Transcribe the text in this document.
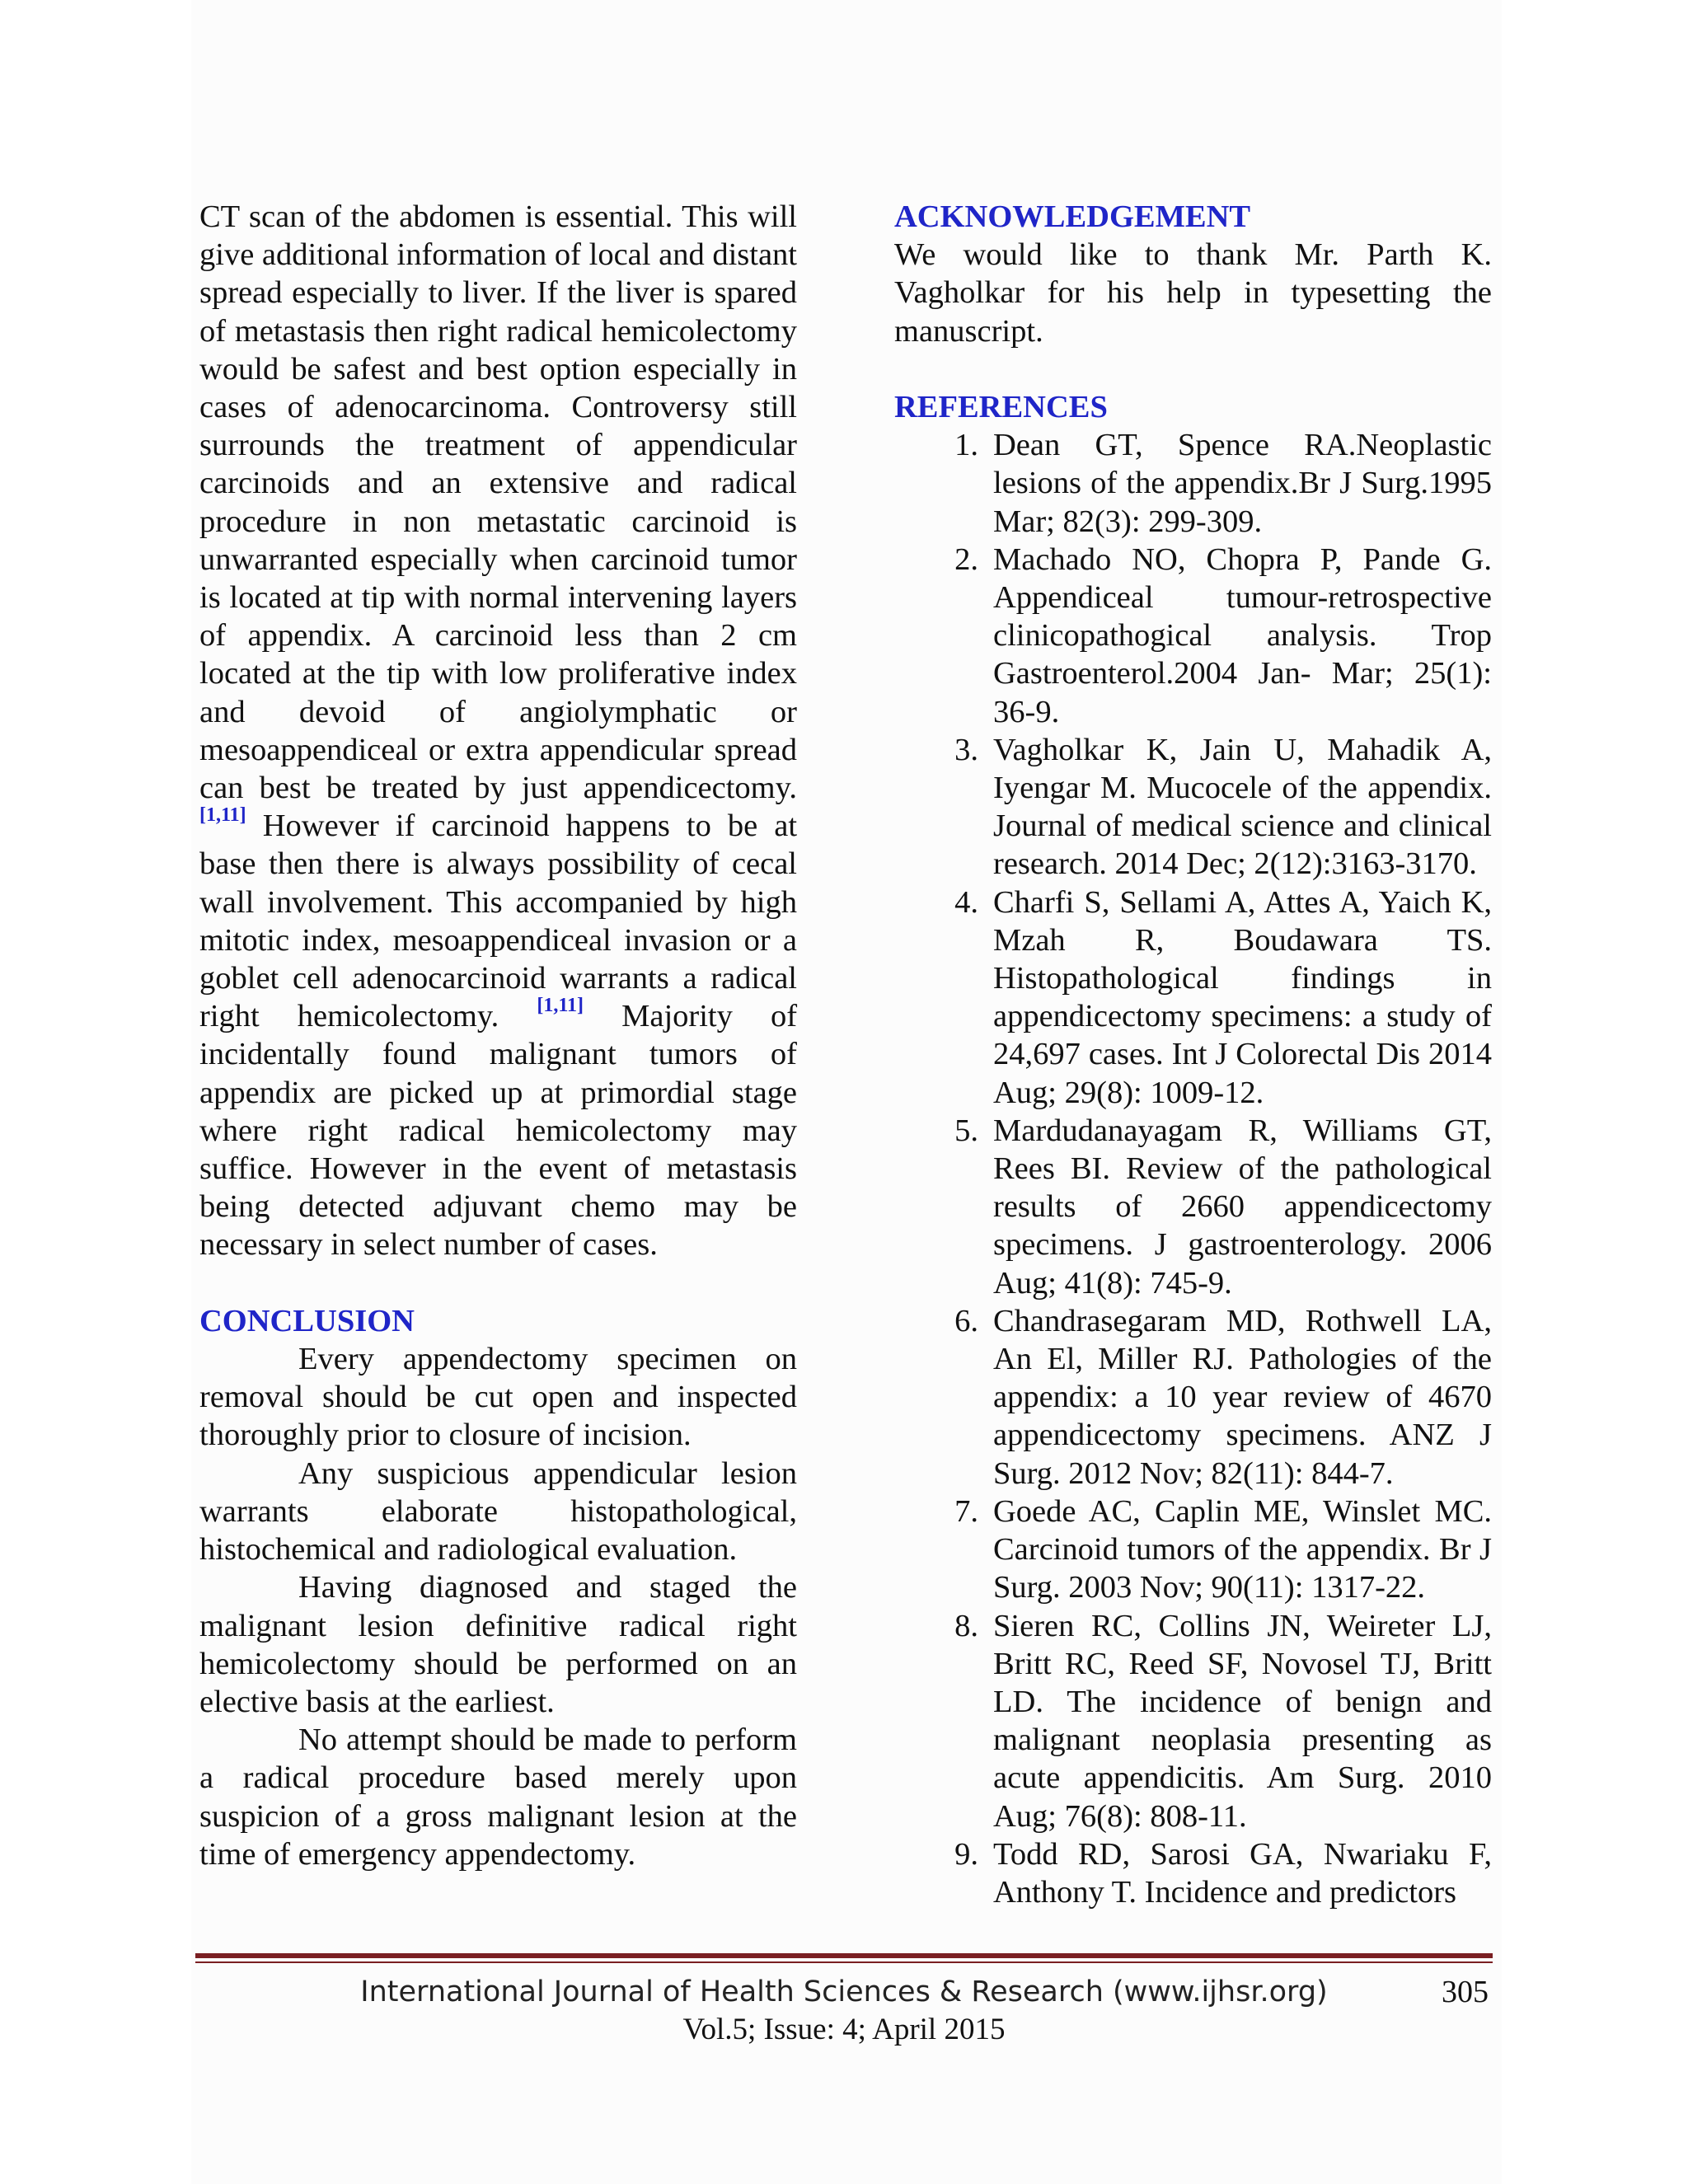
CT scan of the abdomen is essential. This will give additional information of local and distant spread especially to liver. If the liver is spared of metastasis then right radical hemicolectomy would be safest and best option especially in cases of adenocarcinoma. Controversy still surrounds the treatment of appendicular carcinoids and an extensive and radical procedure in non metastatic carcinoid is unwarranted especially when carcinoid tumor is located at tip with normal intervening layers of appendix. A carcinoid less than 2 cm located at the tip with low proliferative index and devoid of angiolymphatic or mesoappendiceal or extra appendicular spread can best be treated by just appendicectomy. [1,11] However if carcinoid happens to be at base then there is always possibility of cecal wall involvement. This accompanied by high mitotic index, mesoappendiceal invasion or a goblet cell adenocarcinoid warrants a radical right hemicolectomy. [1,11] Majority of incidentally found malignant tumors of appendix are picked up at primordial stage where right radical hemicolectomy may suffice. However in the event of metastasis being detected adjuvant chemo may be necessary in select number of cases.

CONCLUSION

Every appendectomy specimen on removal should be cut open and inspected thoroughly prior to closure of incision.

Any suspicious appendicular lesion warrants elaborate histopathological, histochemical and radiological evaluation.

Having diagnosed and staged the malignant lesion definitive radical right hemicolectomy should be performed on an elective basis at the earliest.

No attempt should be made to perform a radical procedure based merely upon suspicion of a gross malignant lesion at the time of emergency appendectomy.

ACKNOWLEDGEMENT

We would like to thank Mr. Parth K. Vagholkar for his help in typesetting the manuscript.

REFERENCES
1. Dean GT, Spence RA.Neoplastic lesions of the appendix.Br J Surg.1995 Mar; 82(3): 299-309.
2. Machado NO, Chopra P, Pande G. Appendiceal tumour-retrospective clinicopathogical analysis. Trop Gastroenterol.2004 Jan- Mar; 25(1): 36-9.
3. Vagholkar K, Jain U, Mahadik A, Iyengar M. Mucocele of the appendix. Journal of medical science and clinical research. 2014 Dec; 2(12):3163-3170.
4. Charfi S, Sellami A, Attes A, Yaich K, Mzah R, Boudawara TS. Histopathological findings in appendicectomy specimens: a study of 24,697 cases. Int J Colorectal Dis 2014 Aug; 29(8): 1009-12.
5. Mardudanayagam R, Williams GT, Rees BI. Review of the pathological results of 2660 appendicectomy specimens. J gastroenterology. 2006 Aug; 41(8): 745-9.
6. Chandrasegaram MD, Rothwell LA, An El, Miller RJ. Pathologies of the appendix: a 10 year review of 4670 appendicectomy specimens. ANZ J Surg. 2012 Nov; 82(11): 844-7.
7. Goede AC, Caplin ME, Winslet MC. Carcinoid tumors of the appendix. Br J Surg. 2003 Nov; 90(11): 1317-22.
8. Sieren RC, Collins JN, Weireter LJ, Britt RC, Reed SF, Novosel TJ, Britt LD. The incidence of benign and malignant neoplasia presenting as acute appendicitis. Am Surg. 2010 Aug; 76(8): 808-11.
9. Todd RD, Sarosi GA, Nwariaku F, Anthony T. Incidence and predictors
International Journal of Health Sciences & Research (www.ijhsr.org)	305
Vol.5; Issue: 4; April 2015
